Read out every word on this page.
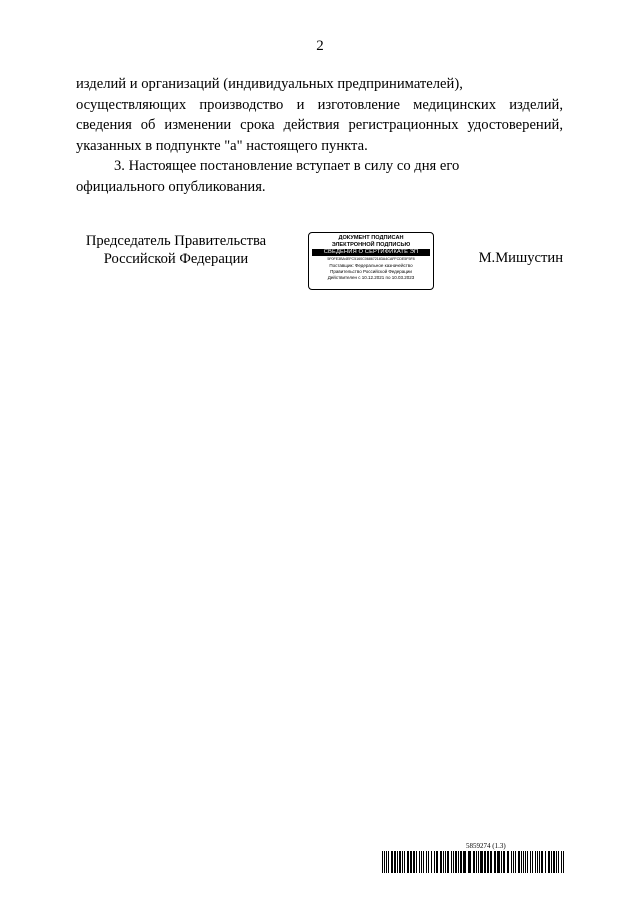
2
изделий и организаций (индивидуальных предпринимателей),
осуществляющих производство и изготовление медицинских изделий,
сведения об изменении срока действия регистрационных удостоверений,
указанных в подпункте "а" настоящего пункта.
3. Настоящее постановление вступает в силу со дня его
официального опубликования.
Председатель Правительства
Российской Федерации
ДОКУМЕНТ ПОДПИСАН
ЭЛЕКТРОННОЙ ПОДПИСЬЮ
СВЕДЕНИЯ О СЕРТИФИКАТЕ ЭП
5F0FE3BA4EFC5160C068672183A4CAFFCDE5F5F8
Поставщик: Федеральное казначейство
Правительство Российской Федерации
Действителен с 10.12.2021 по 10.03.2023
М.Мишустин
5859274 (1.3)
